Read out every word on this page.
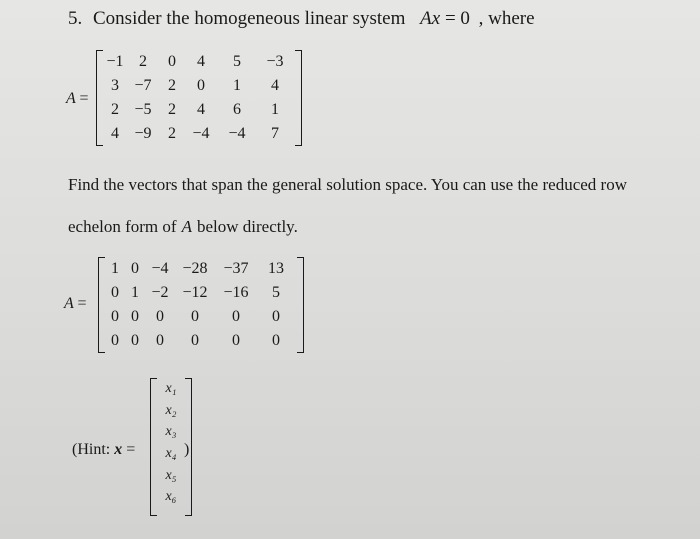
5. Consider the homogeneous linear system Ax = 0 , where
A =
−1 2	0	4	5	−3
3 −7	2	0	1	4
2 −5	2	4	6	1
4 −9	2	−4	−4	7
Find the vectors that span the general solution space. You can use the reduced row
echelon form of A below directly.
A =
1 0 −4 −28 −37	13
0 1 −2 −12 −16	5
0 0	0	0	0	0
0 0	0	0	0	0
(Hint: x =
x₁
x₂
x₃
x₄
x₅
x₆
)
